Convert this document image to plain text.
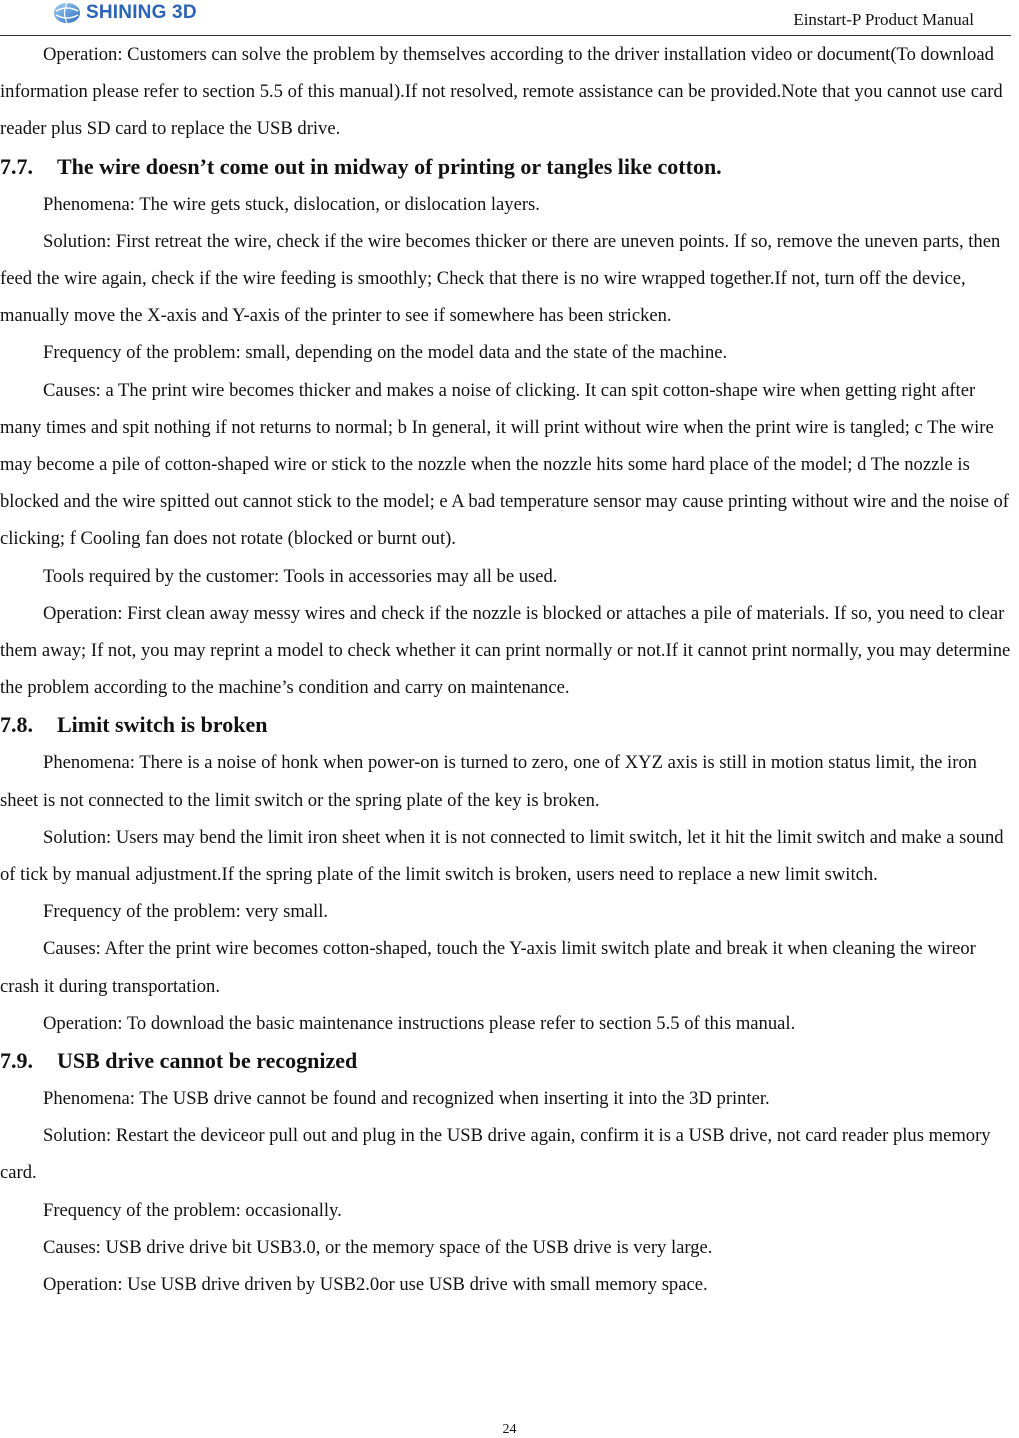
SHINING 3D	Einstart-P Product Manual

Operation: Customers can solve the problem by themselves according to the driver installation video or document(To download information please refer to section 5.5 of this manual).If not resolved, remote assistance can be provided.Note that you cannot use card reader plus SD card to replace the USB drive.

7.7.	The wire doesn’t come out in midway of printing or tangles like cotton.

Phenomena: The wire gets stuck, dislocation, or dislocation layers.

Solution: First retreat the wire, check if the wire becomes thicker or there are uneven points. If so, remove the uneven parts, then feed the wire again, check if the wire feeding is smoothly; Check that there is no wire wrapped together.If not, turn off the device, manually move the X-axis and Y-axis of the printer to see if somewhere has been stricken.

Frequency of the problem: small, depending on the model data and the state of the machine.

Causes: a The print wire becomes thicker and makes a noise of clicking. It can spit cotton-shape wire when getting right after many times and spit nothing if not returns to normal; b In general, it will print without wire when the print wire is tangled; c The wire may become a pile of cotton-shaped wire or stick to the nozzle when the nozzle hits some hard place of the model; d The nozzle is blocked and the wire spitted out cannot stick to the model; e A bad temperature sensor may cause printing without wire and the noise of clicking; f Cooling fan does not rotate (blocked or burnt out).

Tools required by the customer: Tools in accessories may all be used.

Operation: First clean away messy wires and check if the nozzle is blocked or attaches a pile of materials. If so, you need to clear them away; If not, you may reprint a model to check whether it can print normally or not.If it cannot print normally, you may determine the problem according to the machine’s condition and carry on maintenance.

7.8.	Limit switch is broken

Phenomena: There is a noise of honk when power-on is turned to zero, one of XYZ axis is still in motion status limit, the iron sheet is not connected to the limit switch or the spring plate of the key is broken.

Solution: Users may bend the limit iron sheet when it is not connected to limit switch, let it hit the limit switch and make a sound of tick by manual adjustment.If the spring plate of the limit switch is broken, users need to replace a new limit switch.

Frequency of the problem: very small.

Causes: After the print wire becomes cotton-shaped, touch the Y-axis limit switch plate and break it when cleaning the wireor crash it during transportation.

Operation: To download the basic maintenance instructions please refer to section 5.5 of this manual.

7.9.	USB drive cannot be recognized

Phenomena: The USB drive cannot be found and recognized when inserting it into the 3D printer.

Solution: Restart the deviceor pull out and plug in the USB drive again, confirm it is a USB drive, not card reader plus memory card.

Frequency of the problem: occasionally.

Causes: USB drive drive bit USB3.0, or the memory space of the USB drive is very large.

Operation: Use USB drive driven by USB2.0or use USB drive with small memory space.

24
